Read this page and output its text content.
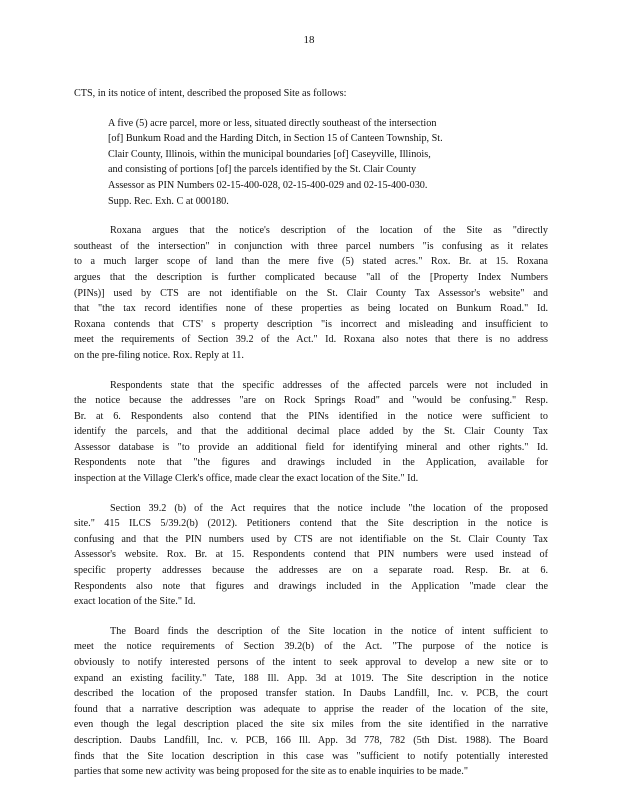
18

CTS, in its notice of intent, described the proposed Site as follows:

A five (5) acre parcel, more or less, situated directly southeast of the intersection
[of] Bunkum Road and the Harding Ditch, in Section 15 of Canteen Township, St.
Clair County, Illinois, within the municipal boundaries [of] Caseyville, Illinois,
and consisting of portions [of] the parcels identified by the St. Clair County
Assessor as PIN Numbers 02-15-400-028, 02-15-400-029 and 02-15-400-030.
Supp. Rec. Exh. C at 000180.
Roxana argues that the notice's description of the location of the Site as "directly
southeast of the intersection" in conjunction with three parcel numbers "is confusing as it relates
to a much larger scope of land than the mere five (5) stated acres." Rox. Br. at 15. Roxana
argues that the description is further complicated because "all of the [Property Index Numbers
(PINs)] used by CTS are not identifiable on the St. Clair County Tax Assessor's website" and
that "the tax record identifies none of these properties as being located on Bunkum Road." Id.
Roxana contends that CTS' s property description "is incorrect and misleading and insufficient to
meet the requirements of Section 39.2 of the Act." Id. Roxana also notes that there is no address
on the pre-filing notice. Rox. Reply at 11.
Respondents state that the specific addresses of the affected parcels were not included in
the notice because the addresses "are on Rock Springs Road" and "would be confusing." Resp.
Br. at 6. Respondents also contend that the PINs identified in the notice were sufficient to
identify the parcels, and that the additional decimal place added by the St. Clair County Tax
Assessor database is "to provide an additional field for identifying mineral and other rights." Id.
Respondents note that "the figures and drawings included in the Application, available for
inspection at the Village Clerk's office, made clear the exact location of the Site." Id.
Section 39.2 (b) of the Act requires that the notice include "the location of the proposed
site." 415 ILCS 5/39.2(b) (2012). Petitioners contend that the Site description in the notice is
confusing and that the PIN numbers used by CTS are not identifiable on the St. Clair County Tax
Assessor's website. Rox. Br. at 15. Respondents contend that PIN numbers were used instead of
specific property addresses because the addresses are on a separate road. Resp. Br. at 6.
Respondents also note that figures and drawings included in the Application "made clear the
exact location of the Site." Id.
The Board finds the description of the Site location in the notice of intent sufficient to
meet the notice requirements of Section 39.2(b) of the Act. "The purpose of the notice is
obviously to notify interested persons of the intent to seek approval to develop a new site or to
expand an existing facility." Tate, 188 Ill. App. 3d at 1019. The Site description in the notice
described the location of the proposed transfer station. In Daubs Landfill, Inc. v. PCB, the court
found that a narrative description was adequate to apprise the reader of the location of the site,
even though the legal description placed the site six miles from the site identified in the narrative
description. Daubs Landfill, Inc. v. PCB, 166 Ill. App. 3d 778, 782 (5th Dist. 1988). The Board
finds that the Site location description in this case was "sufficient to notify potentially interested
parties that some new activity was being proposed for the site as to enable inquiries to be made."
